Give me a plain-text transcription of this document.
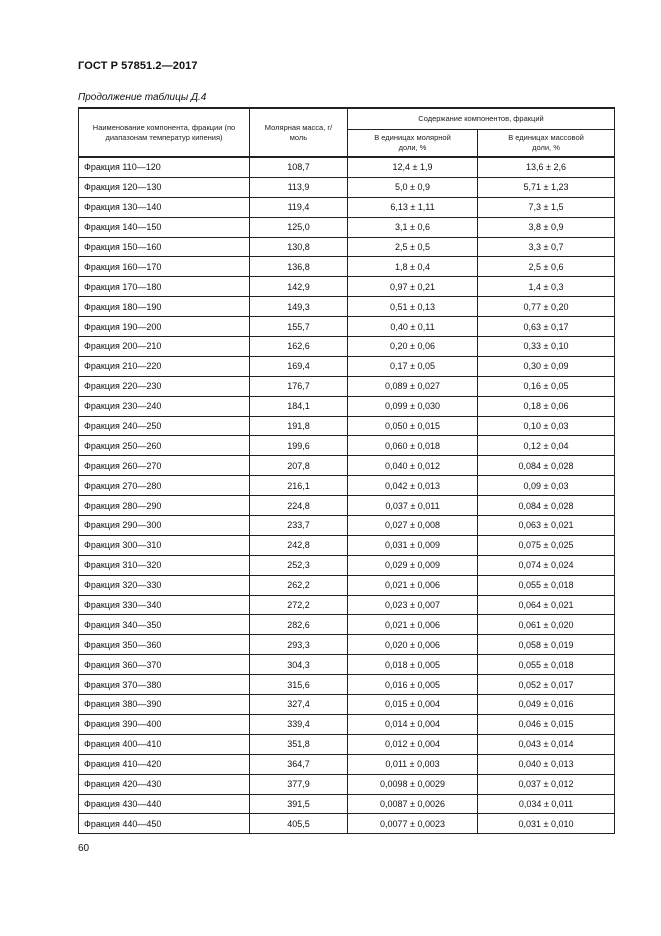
ГОСТ Р 57851.2—2017
Продолжение таблицы Д.4
Наименование компонента, фракции (по диапазонам температур кипения)	Молярная масса, г/моль	Содержание компонентов, фракций	
		В единицах молярной доли, %	В единицах массовой доли, %
Фракция 110—120	108,7	12,4 ± 1,9	13,6 ± 2,6
Фракция 120—130	113,9	5,0 ± 0,9	5,71 ± 1,23
Фракция 130—140	119,4	6,13 ± 1,11	7,3 ± 1,5
Фракция 140—150	125,0	3,1 ± 0,6	3,8 ± 0,9
Фракция 150—160	130,8	2,5 ± 0,5	3,3 ± 0,7
Фракция 160—170	136,8	1,8 ± 0,4	2,5 ± 0,6
Фракция 170—180	142,9	0,97 ± 0,21	1,4 ± 0,3
Фракция 180—190	149,3	0,51 ± 0,13	0,77 ± 0,20
Фракция 190—200	155,7	0,40 ± 0,11	0,63 ± 0,17
Фракция 200—210	162,6	0,20 ± 0,06	0,33 ± 0,10
Фракция 210—220	169,4	0,17 ± 0,05	0,30 ± 0,09
Фракция 220—230	176,7	0,089 ± 0,027	0,16 ± 0,05
Фракция 230—240	184,1	0,099 ± 0,030	0,18 ± 0,06
Фракция 240—250	191,8	0,050 ± 0,015	0,10 ± 0,03
Фракция 250—260	199,6	0,060 ± 0,018	0,12 ± 0,04
Фракция 260—270	207,8	0,040 ± 0,012	0,084 ± 0,028
Фракция 270—280	216,1	0,042 ± 0,013	0,09 ± 0,03
Фракция 280—290	224,8	0,037 ± 0,011	0,084 ± 0,028
Фракция 290—300	233,7	0,027 ± 0,008	0,063 ± 0,021
Фракция 300—310	242,8	0,031 ± 0,009	0,075 ± 0,025
Фракция 310—320	252,3	0,029 ± 0,009	0,074 ± 0,024
Фракция 320—330	262,2	0,021 ± 0,006	0,055 ± 0,018
Фракция 330—340	272,2	0,023 ± 0,007	0,064 ± 0,021
Фракция 340—350	282,6	0,021 ± 0,006	0,061 ± 0,020
Фракция 350—360	293,3	0,020 ± 0,006	0,058 ± 0,019
Фракция 360—370	304,3	0,018 ± 0,005	0,055 ± 0,018
Фракция 370—380	315,6	0,016 ± 0,005	0,052 ± 0,017
Фракция 380—390	327,4	0,015 ± 0,004	0,049 ± 0,016
Фракция 390—400	339,4	0,014 ± 0,004	0,046 ± 0,015
Фракция 400—410	351,8	0,012 ± 0,004	0,043 ± 0,014
Фракция 410—420	364,7	0,011 ± 0,003	0,040 ± 0,013
Фракция 420—430	377,9	0,0098 ± 0,0029	0,037 ± 0,012
Фракция 430—440	391,5	0,0087 ± 0,0026	0,034 ± 0,011
Фракция 440—450	405,5	0,0077 ± 0,0023	0,031 ± 0,010
60
